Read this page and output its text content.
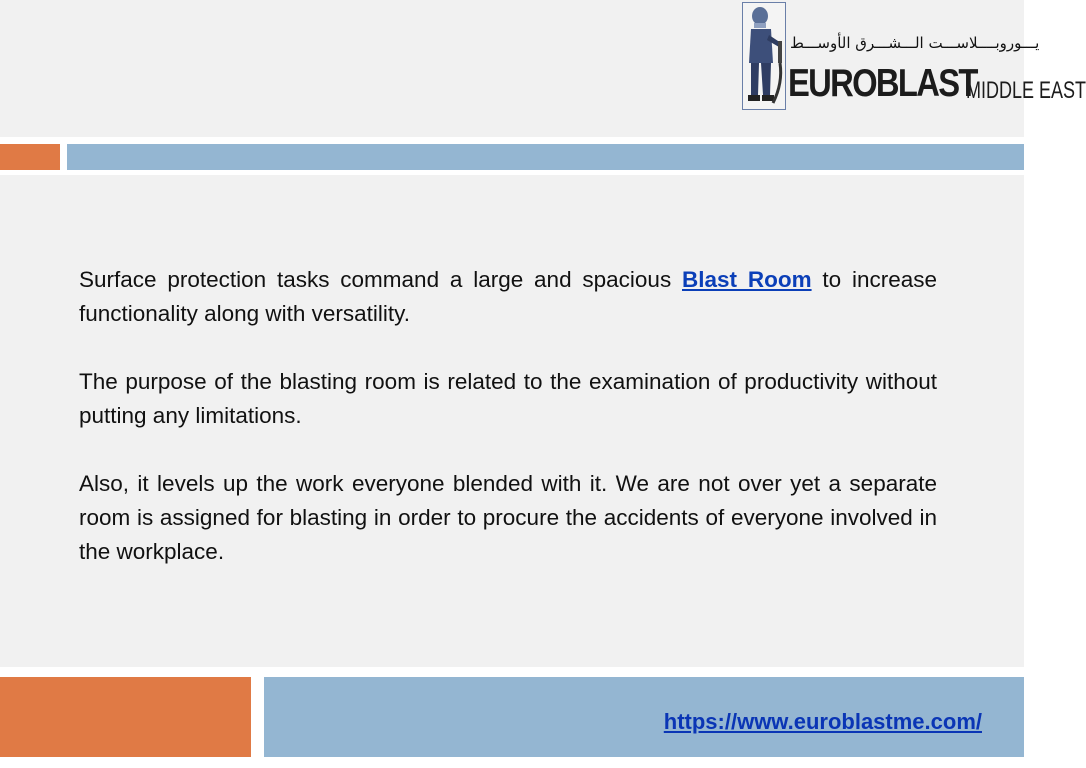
يـــوروبــــلاســـت الـــشـــرق الأوســـط
EUROBLAST
MIDDLE EAST

Surface protection tasks command a large and spacious Blast Room to increase functionality along with versatility.

The purpose of the blasting room is related to the examination of productivity without putting any limitations.

Also, it levels up the work everyone blended with it. We are not over yet a separate room is assigned for blasting in order to procure the accidents of everyone involved in the workplace.

https://www.euroblastme.com/
